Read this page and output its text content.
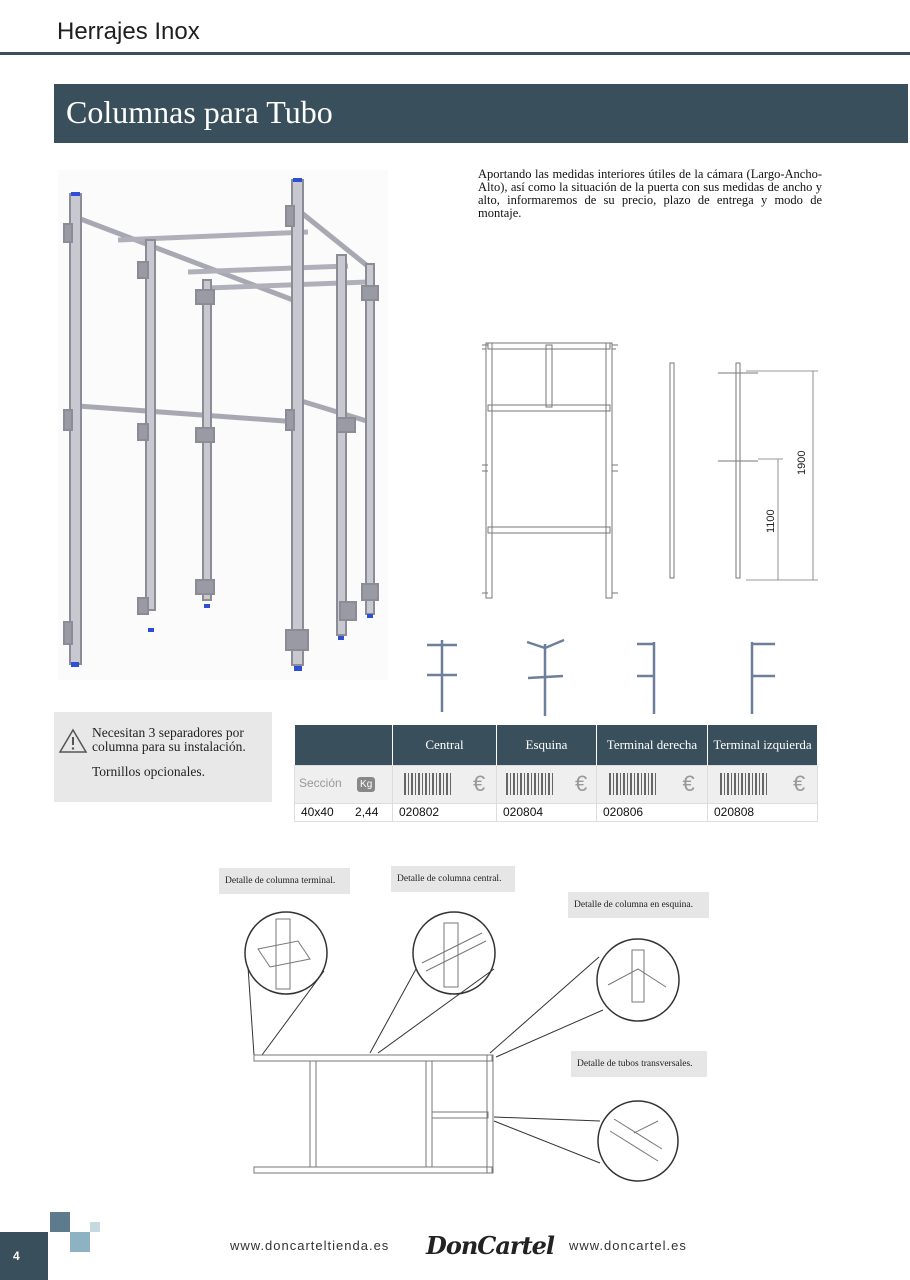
Herrajes Inox
Columnas para Tubo
Aportando las medidas interiores útiles de la cámara (Largo-Ancho-Alto), así como la situación de la puerta con sus medidas de ancho y alto, informaremos de su precio, plazo de entrega y modo de montaje.
1900
1100
Necesitan 3 separadores por columna para su instalación.
Tornillos opcionales.
	Central	Esquina	Terminal derecha	Terminal izquierda
Sección Kg	€	€	€	€
40x40 2,44	020802	020804	020806	020808
Detalle de columna terminal.	Detalle de columna central.
Detalle de columna en esquina.
Detalle de tubos transversales.
4
www.doncarteltienda.es DonCartel www.doncartel.es
